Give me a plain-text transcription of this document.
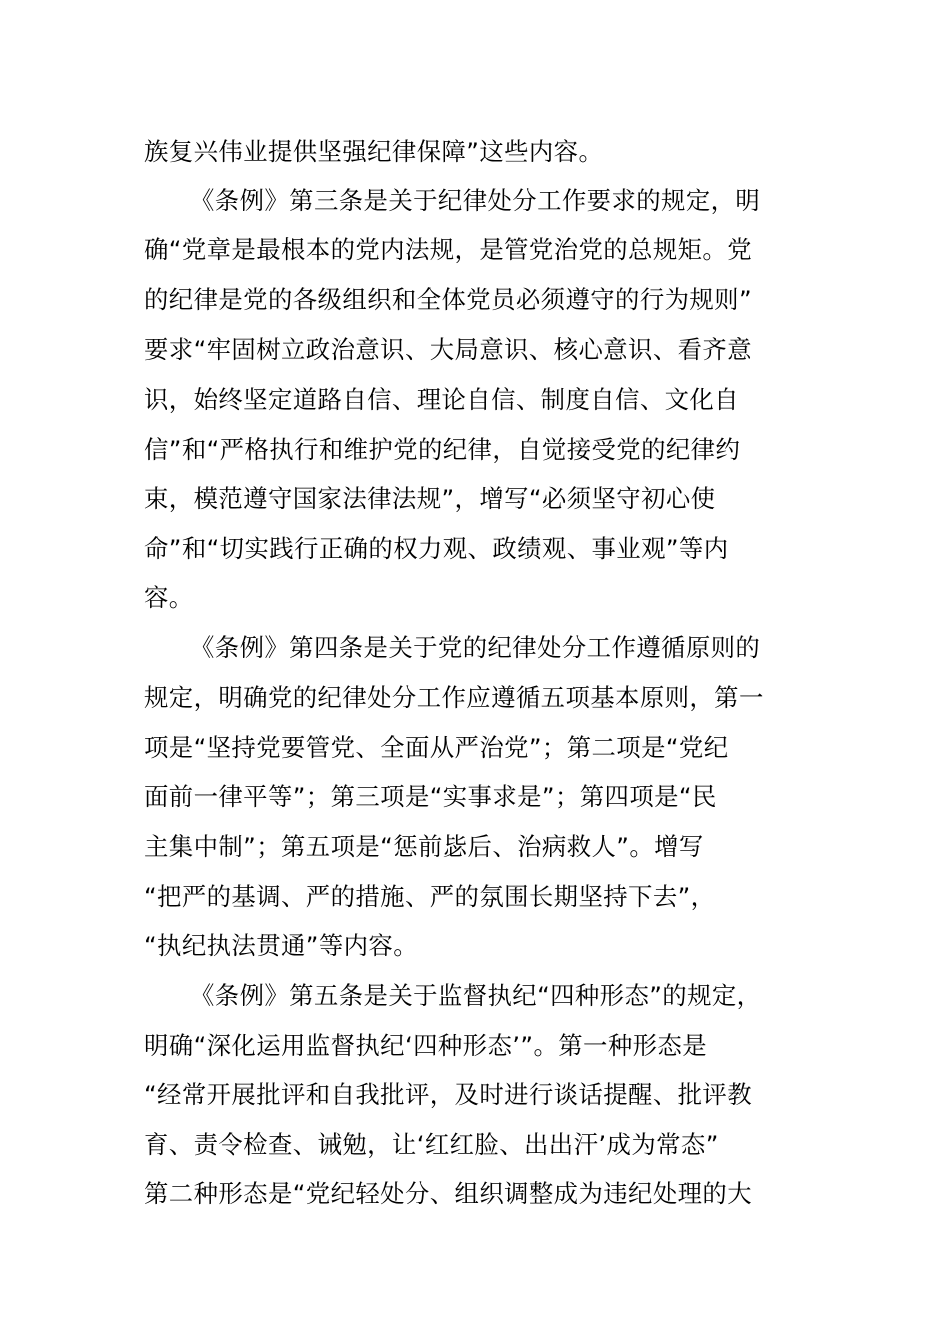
族复兴伟业提供坚强纪律保障”这些内容。
《条例》第三条是关于纪律处分工作要求的规定，明
确“党章是最根本的党内法规，是管党治党的总规矩。党
的纪律是党的各级组织和全体党员必须遵守的行为规则”
要求“牢固树立政治意识、大局意识、核心意识、看齐意
识，始终坚定道路自信、理论自信、制度自信、文化自
信”和“严格执行和维护党的纪律，自觉接受党的纪律约
束，模范遵守国家法律法规”，增写“必须坚守初心使
命”和“切实践行正确的权力观、政绩观、事业观”等内
容。
《条例》第四条是关于党的纪律处分工作遵循原则的
规定，明确党的纪律处分工作应遵循五项基本原则，第一
项是“坚持党要管党、全面从严治党”；第二项是“党纪
面前一律平等”；第三项是“实事求是”；第四项是“民
主集中制”；第五项是“惩前毖后、治病救人”。增写
“把严的基调、严的措施、严的氛围长期坚持下去”，
“执纪执法贯通”等内容。
《条例》第五条是关于监督执纪“四种形态”的规定，
明确“深化运用监督执纪‘四种形态’”。第一种形态是
“经常开展批评和自我批评，及时进行谈话提醒、批评教
育、责令检查、诫勉，让‘红红脸、出出汗’成为常态”
第二种形态是“党纪轻处分、组织调整成为违纪处理的大
